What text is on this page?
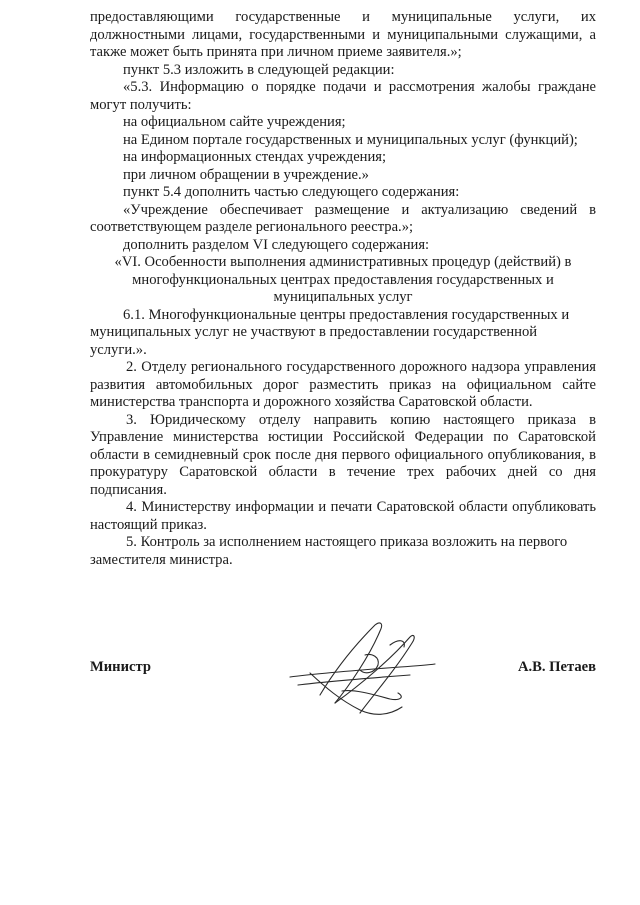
предоставляющими государственные и муниципальные услуги, их

должностными лицами, государственными и муниципальными служащими, а также может быть принята при личном приеме заявителя.»;

пункт 5.3 изложить в следующей редакции:

«5.3. Информацию о порядке подачи и рассмотрения жалобы граждане могут получить:

на официальном сайте учреждения;

на Едином портале государственных и муниципальных услуг (функций);

на информационных стендах учреждения;

при личном обращении в учреждение.»

пункт 5.4 дополнить частью следующего содержания:

«Учреждение обеспечивает размещение и актуализацию сведений в соответствующем разделе регионального реестра.»;

дополнить разделом VI следующего содержания:

«VI. Особенности выполнения административных процедур (действий) в многофункциональных центрах предоставления государственных и муниципальных услуг

6.1. Многофункциональные центры предоставления государственных и муниципальных услуг не участвуют в предоставлении государственной услуги.».

2. Отделу регионального государственного дорожного надзора управления развития автомобильных дорог разместить приказ на официальном сайте министерства транспорта и дорожного хозяйства Саратовской области.

3. Юридическому отделу направить копию настоящего приказа в Управление министерства юстиции Российской Федерации по Саратовской области в семидневный срок после дня первого официального опубликования, в прокуратуру Саратовской области в течение трех рабочих дней со дня подписания.

4. Министерству информации и печати Саратовской области опубликовать настоящий приказ.

5. Контроль за исполнением настоящего приказа возложить на первого заместителя министра.

Министр	А.В. Петаев
